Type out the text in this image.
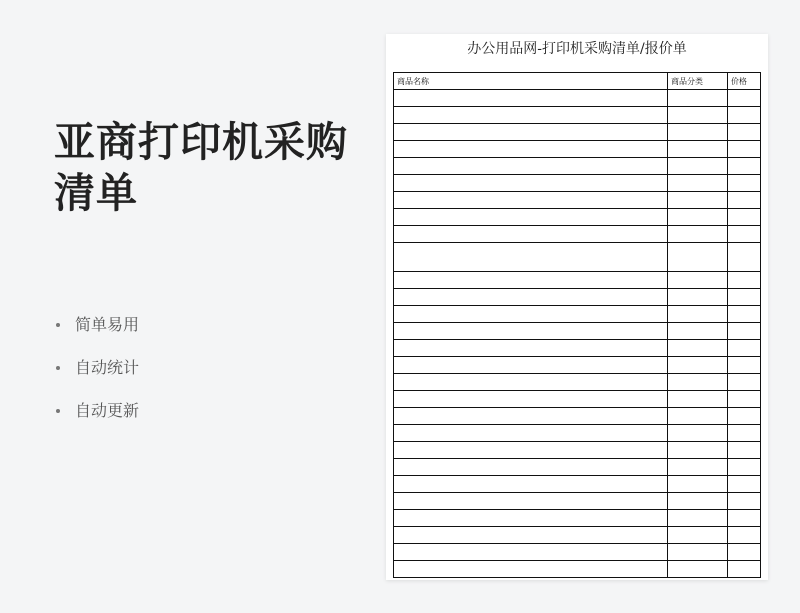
亚商打印机采购清单
简单易用
自动统计
自动更新
办公用品网-打印机采购清单/报价单
商品名称	商品分类	价格
